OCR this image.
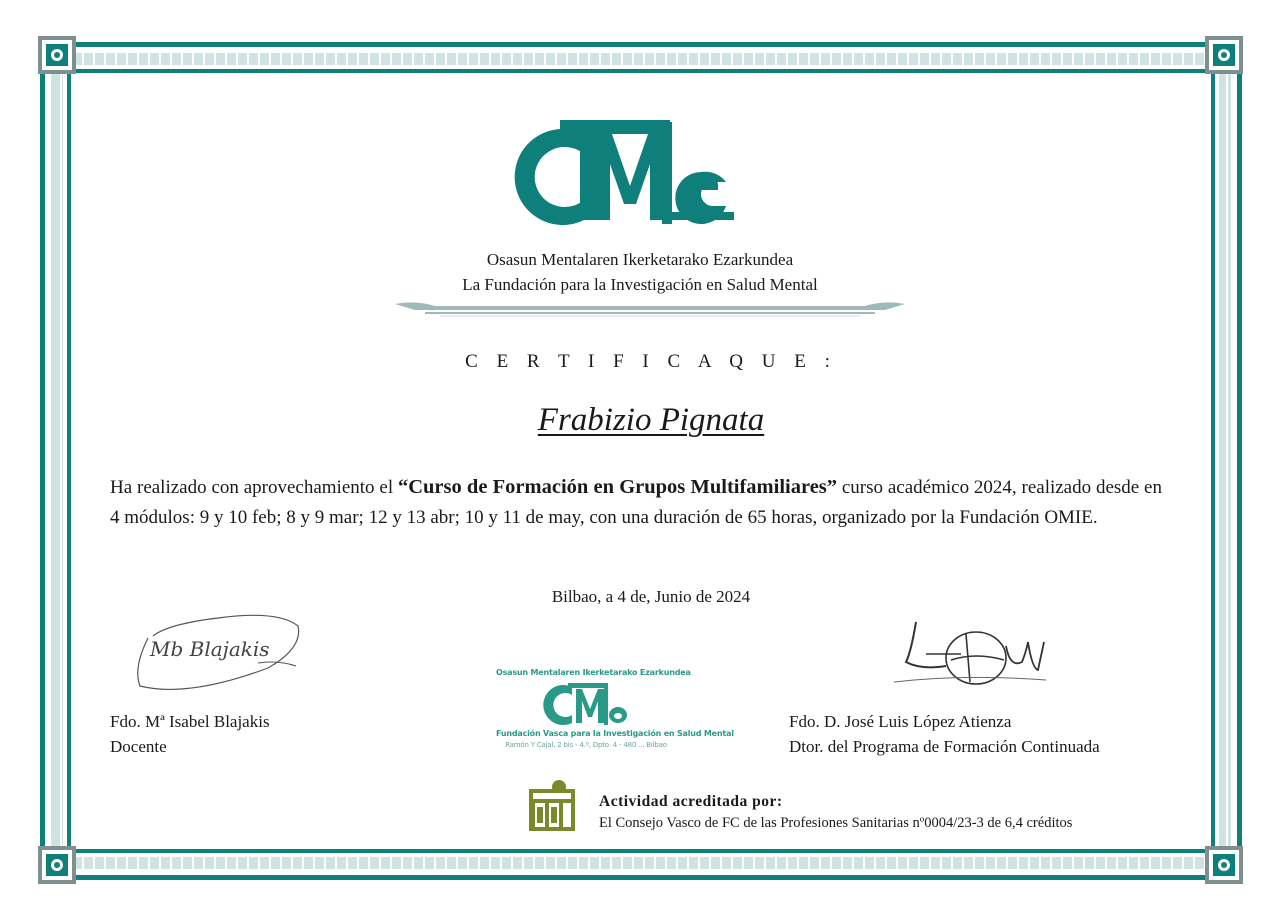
Osasun Mentalaren Ikerketarako Ezarkundea
La Fundación para la Investigación en Salud Mental
C E R T I F I C A Q U E :
Frabizio Pignata
Ha realizado con aprovechamiento el “Curso de Formación en Grupos Multifamiliares” curso académico 2024, realizado desde en 4 módulos: 9 y 10 feb; 8 y 9 mar; 12 y 13 abr; 10 y 11 de may, con una duración de 65 horas, organizado por la Fundación OMIE.
Bilbao, a 4 de, Junio de 2024
Mb Blajakis
Fdo. Mª Isabel Blajakis
Docente
Fdo. D. José Luis López Atienza
Dtor. del Programa de Formación Continuada
Osasun Mentalaren Ikerketarako Ezarkundea
Fundación Vasca para la Investigación en Salud Mental
Ramón Y Cajal, 2 bis - 4.º, Dpto. 4 - 480 ... Bilbao
Actividad acreditada por:
El Consejo Vasco de FC de las Profesiones Sanitarias nº0004/23-3 de 6,4 créditos
